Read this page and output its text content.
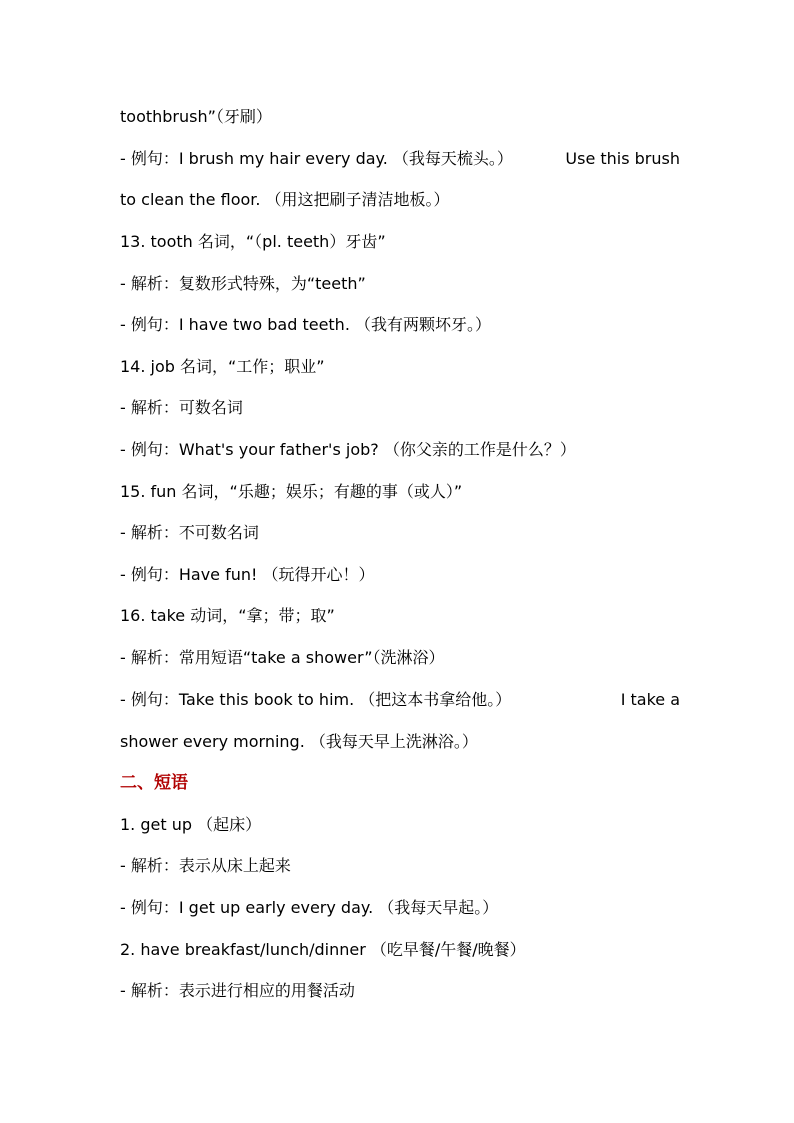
toothbrush”（牙刷）
- 例句：I brush my hair every day. （我每天梳头。）	Use this brush
to clean the floor. （用这把刷子清洁地板。）
13. tooth 名词，“（pl. teeth）牙齿”
- 解析：复数形式特殊，为“teeth”
- 例句：I have two bad teeth. （我有两颗坏牙。）
14. job 名词，“工作；职业”
- 解析：可数名词
- 例句：What's your father's job? （你父亲的工作是什么？）
15. fun 名词，“乐趣；娱乐；有趣的事（或人）”
- 解析：不可数名词
- 例句：Have fun! （玩得开心！）
16. take 动词，“拿；带；取”
- 解析：常用短语“take a shower”（洗淋浴）
- 例句：Take this book to him. （把这本书拿给他。）	I take a
shower every morning. （我每天早上洗淋浴。）
二、短语
1. get up （起床）
- 解析：表示从床上起来
- 例句：I get up early every day. （我每天早起。）
2. have breakfast/lunch/dinner （吃早餐/午餐/晚餐）
- 解析：表示进行相应的用餐活动
